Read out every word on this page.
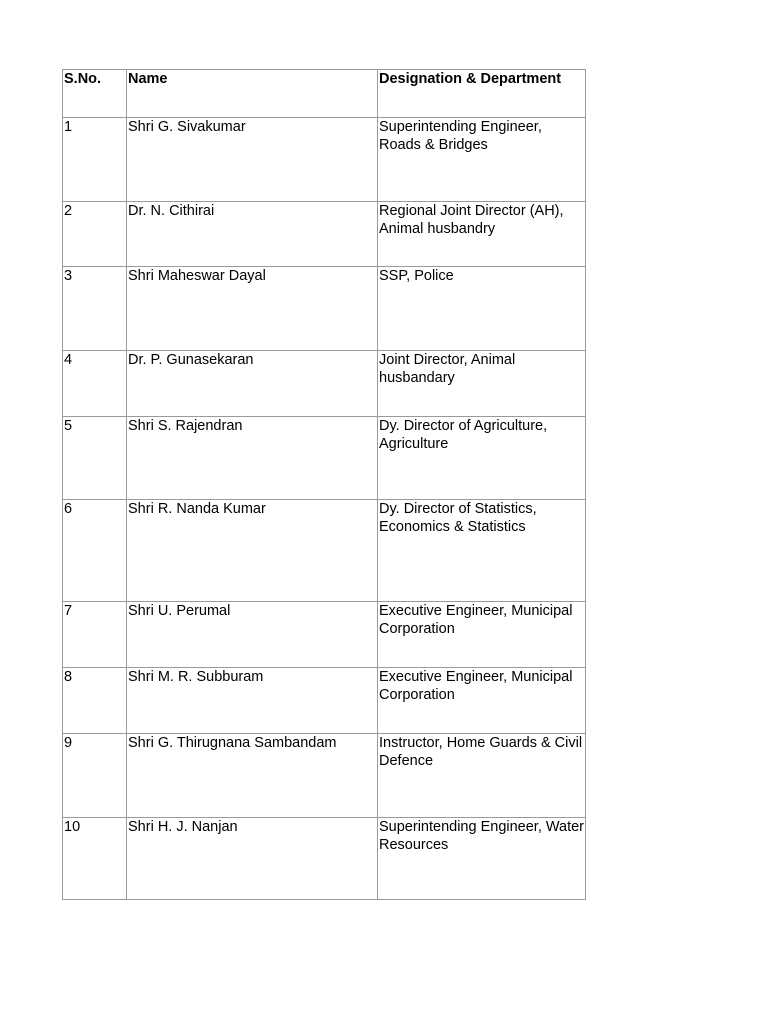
S.No.	Name	Designation & Department
1	Shri G. Sivakumar	Superintending Engineer, Roads & Bridges
2	Dr. N. Cithirai	Regional Joint Director (AH), Animal husbandry
3	Shri Maheswar Dayal	SSP, Police
4	Dr. P. Gunasekaran	Joint Director, Animal husbandary
5	Shri S. Rajendran	Dy. Director of Agriculture, Agriculture
6	Shri R. Nanda Kumar	Dy. Director of Statistics, Economics & Statistics
7	Shri U. Perumal	Executive Engineer, Municipal Corporation
8	Shri M. R. Subburam	Executive Engineer, Municipal Corporation
9	Shri G. Thirugnana Sambandam	Instructor, Home Guards & Civil Defence
10	Shri H. J. Nanjan	Superintending Engineer, Water Resources
